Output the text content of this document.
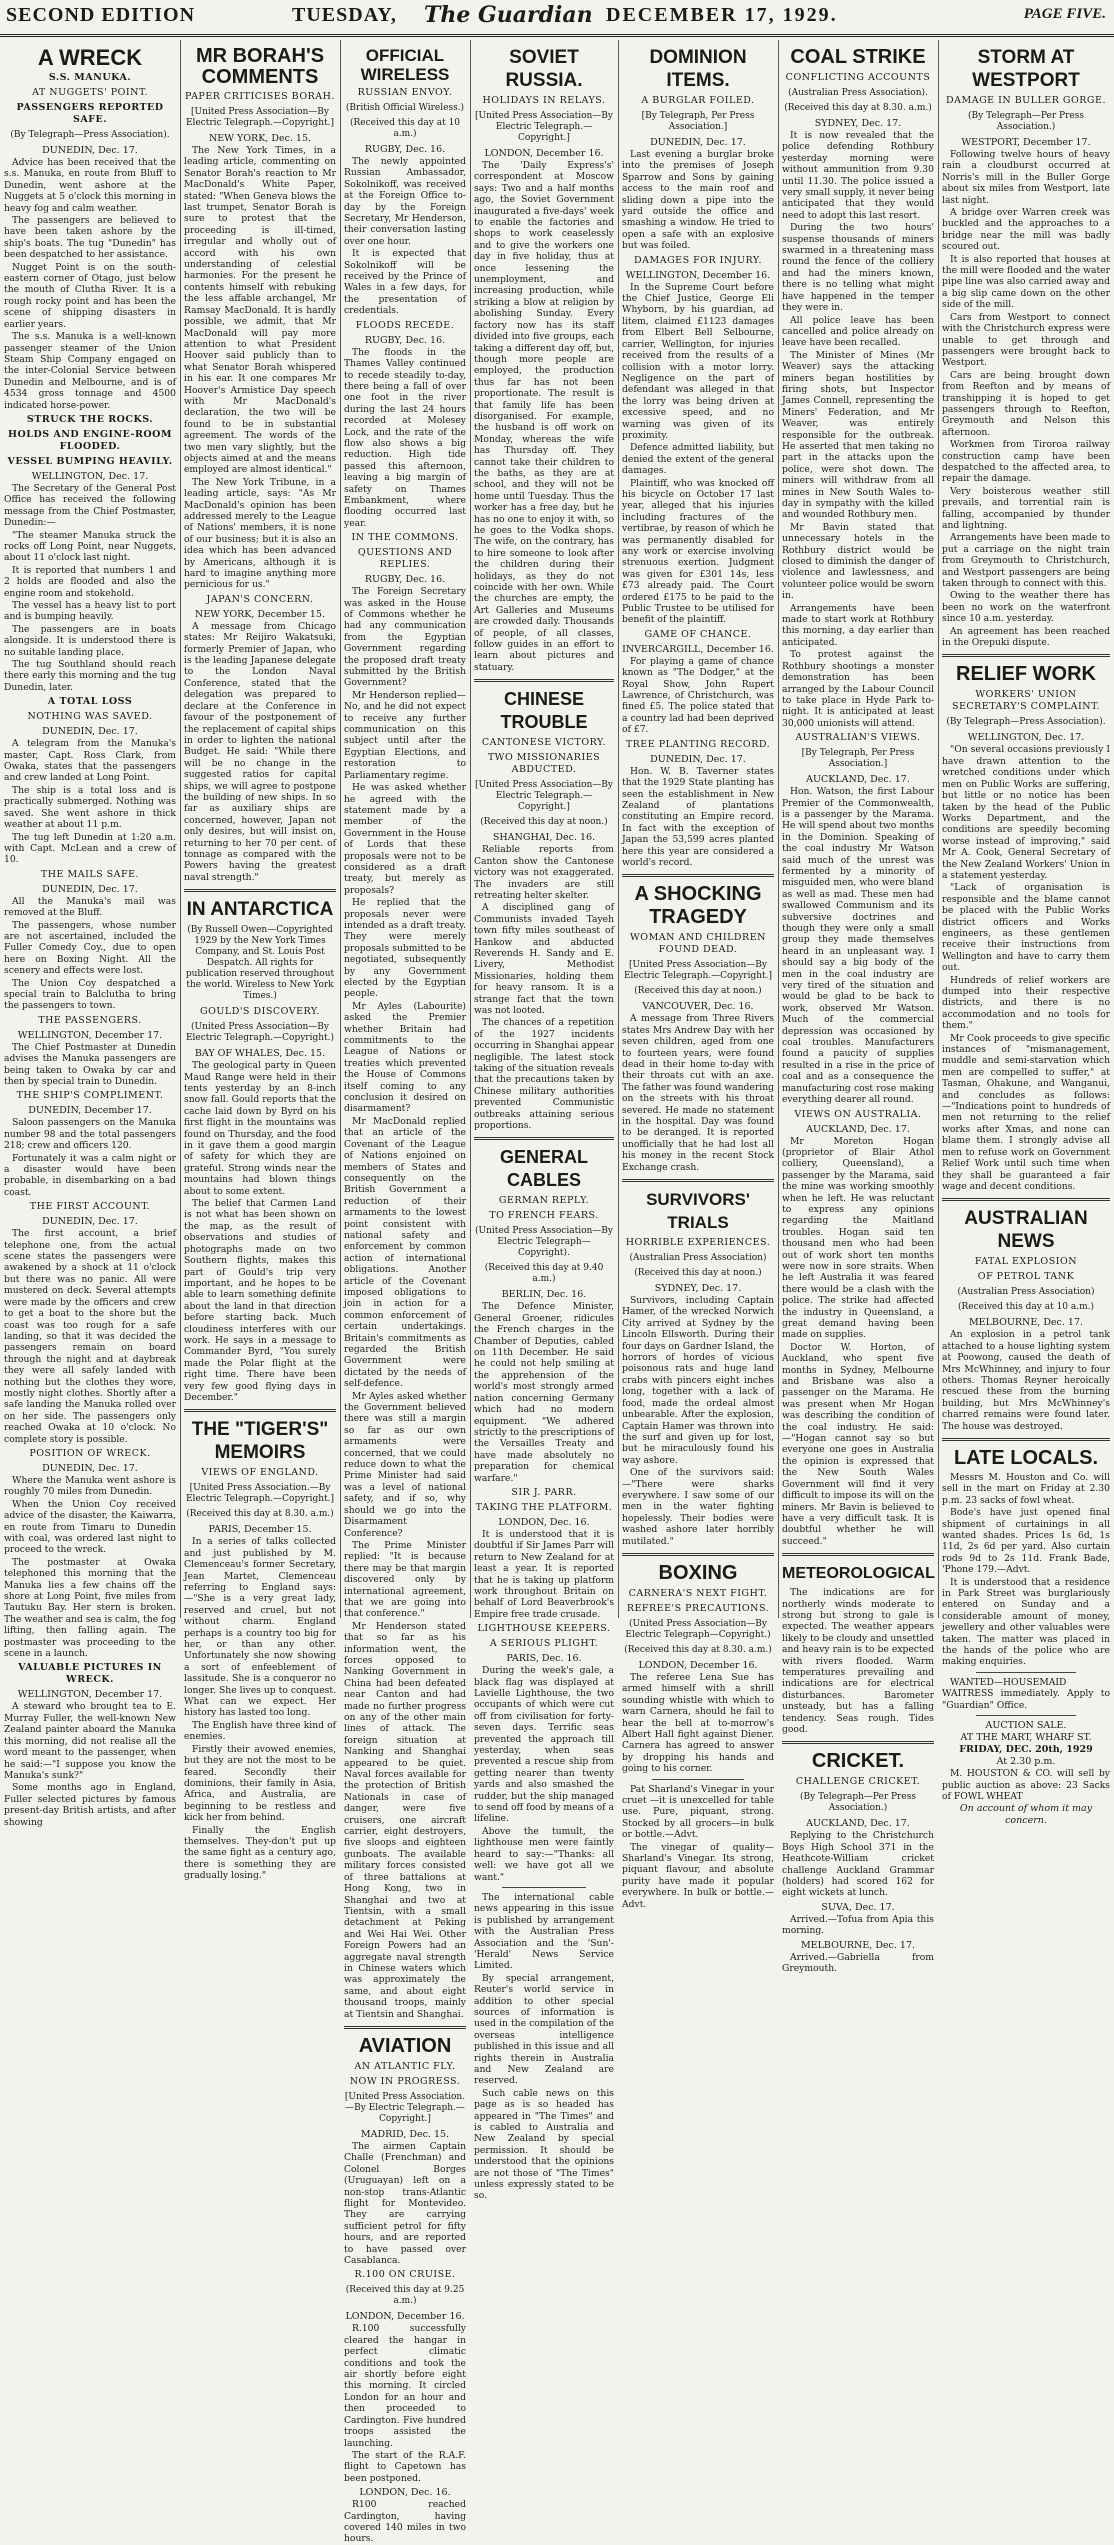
SECOND EDITION	TUESDAY, The Guardian DECEMBER 17, 1929.	PAGE FIVE.
A WRECK
S.S. MANUKA.
AT NUGGETS' POINT.
PASSENGERS REPORTED SAFE.
(By Telegraph—Press Association).
DUNEDIN, Dec. 17.

Advice has been received that the s.s. Manuka, en route from Bluff to Dunedin, went ashore at the Nuggets at 5 o'clock this morning in heavy fog and calm weather.

The passengers are believed to have been taken ashore by the ship's boats. The tug "Dunedin" has been despatched to her assistance.

Nugget Point is on the south-eastern corner of Otago, just below the mouth of Clutha River. It is a rough rocky point and has been the scene of shipping disasters in earlier years.

The s.s. Manuka is a well-known passenger steamer of the Union Steam Ship Company engaged on the inter-Colonial Service between Dunedin and Melbourne, and is of 4534 gross tonnage and 4500 indicated horse-power.

STRUCK THE ROCKS.
HOLDS AND ENGINE-ROOM FLOODED.
VESSEL BUMPING HEAVILY.
WELLINGTON, Dec. 17.

The Secretary of the General Post Office has received the following message from the Chief Postmaster, Dunedin:—

"The steamer Manuka struck the rocks off Long Point, near Nuggets, about 11 o'clock last night.

It is reported that numbers 1 and 2 holds are flooded and also the engine room and stokehold.

The vessel has a heavy list to port and is bumping heavily.

The passengers are in boats alongside. It is understood there is no suitable landing place.

The tug Southland should reach there early this morning and the tug Dunedin, later.

A TOTAL LOSS
NOTHING WAS SAVED.
DUNEDIN, Dec. 17.

A telegram from the Manuka's master, Capt. Ross Clark, from Owaka, states that the passengers and crew landed at Long Point.

The ship is a total loss and is practically submerged. Nothing was saved. She went ashore in thick weather at about 11 p.m.

The tug left Dunedin at 1:20 a.m. with Capt. McLean and a crew of 10.

THE MAILS SAFE.
DUNEDIN, Dec. 17.

All the Manuka's mail was removed at the Bluff.

The passengers, whose number are not ascertained, included the Fuller Comedy Coy., due to open here on Boxing Night. All the scenery and effects were lost.

The Union Coy despatched a special train to Balclutha to bring the passengers to town.

THE PASSENGERS.
WELLINGTON, December 17.

The Chief Postmaster at Dunedin advises the Manuka passengers are being taken to Owaka by car and then by special train to Dunedin.

THE SHIP'S COMPLIMENT.
DUNEDIN, December 17.

Saloon passengers on the Manuka number 98 and the total passengers 218; crew and officers 120.

Fortunately it was a calm night or a disaster would have been probable, in disembarking on a bad coast.

THE FIRST ACCOUNT.
DUNEDIN, Dec. 17.

The first account, a brief telephone one, from the actual scene states the passengers were awakened by a shock at 11 o'clock but there was no panic. All were mustered on deck. Several attempts were made by the officers and crew to get a boat to the shore but the coast was too rough for a safe landing, so that it was decided the passengers remain on board through the night and at daybreak they were all safely landed with nothing but the clothes they wore, mostly night clothes. Shortly after a safe landing the Manuka rolled over on her side. The passengers only reached Owaka at 10 o'clock. No complete story is possible.

POSITION OF WRECK.
DUNEDIN, Dec. 17.

Where the Manuka went ashore is roughly 70 miles from Dunedin.

When the Union Coy received advice of the disaster, the Kaiwarra, en route from Timaru to Dunedin with coal, was ordered last night to proceed to the wreck.

The postmaster at Owaka telephoned this morning that the Manuka lies a few chains off the shore at Long Point, five miles from Tautuku Bay. Her stern is broken. The weather and sea is calm, the fog lifting, then falling again. The postmaster was proceeding to the scene in a launch.

VALUABLE PICTURES IN WRECK.
WELLINGTON, December 17.

A steward who brought tea to E. Murray Fuller, the well-known New Zealand painter aboard the Manuka this morning, did not realise all the word meant to the passenger, when he said:—"I suppose you know the Manuka's sunk?"

Some months ago in England, Fuller selected pictures by famous present-day British artists, and after showing

MR BORAH'S COMMENTS
PAPER CRITICISES BORAH.
[United Press Association—By Electric Telegraph.—Copyright.]
NEW YORK, Dec. 15.

The New York Times, in a leading article, commenting on Senator Borah's reaction to Mr MacDonald's White Paper, stated: "When Geneva blows the last trumpet, Senator Borah is sure to protest that the proceeding is ill-timed, irregular and wholly out of accord with his own understanding of celestial harmonies. For the present he contents himself with rebuking the less affable archangel, Mr Ramsay MacDonald. It is hardly possible, we admit, that Mr MacDonald will pay more attention to what President Hoover said publicly than to what Senator Borah whispered in his ear. It one compares Mr Hoover's Armistice Day speech with Mr MacDonald's declaration, the two will be found to be in substantial agreement. The words of the two men vary slightly, but the objects aimed at and the means employed are almost identical."

The New York Tribune, in a leading article, says: "As Mr MacDonald's opinion has been addressed merely to the League of Nations' members, it is none of our business; but it is also an idea which has been advanced by Americans, although it is hard to imagine anything more pernicious for us."

JAPAN'S CONCERN.
NEW YORK, December 15.

A message from Chicago states: Mr Reijiro Wakatsuki, formerly Premier of Japan, who is the leading Japanese delegate to the London Naval Conference, stated that the delegation was prepared to declare at the Conference in favour of the postponement of the replacement of capital ships in order to lighten the national Budget. He said: "While there will be no change in the suggested ratios for capital ships, we will agree to postpone the building of new ships. In so far as auxiliary ships are concerned, however, Japan not only desires, but will insist on, returning to her 70 per cent. of tonnage as compared with the Powers having the greatest naval strength."

IN ANTARCTICA
(By Russell Owen—Copyrighted 1929 by the New York Times Company, and St. Louis Post Despatch. All rights for publication reserved throughout the world. Wireless to New York Times.)
GOULD'S DISCOVERY.
(United Press Association—By Electric Telegraph.—Copyright.)
BAY OF WHALES, Dec. 15.

The geological party in Queen Maud Range were held in their tents yesterday by an 8-inch snow fall. Gould reports that the cache laid down by Byrd on his first flight in the mountains was found on Thursday, and the food in it gave them a good margin of safety for which they are grateful. Strong winds near the mountains had blown things about to some extent.

The belief that Carmen Land is not what has been shown on the map, as the result of observations and studies of photographs made on two Southern flights, makes this part of Gould's trip very important, and he hopes to be able to learn something definite about the land in that direction before starting back. Much cloudiness interferes with our work. He says in a message to Commander Byrd, "You surely made the Polar flight at the right time. There have been very few good flying days in December."

THE "TIGER'S" MEMOIRS
VIEWS OF ENGLAND.
[United Press Association.—By Electric Telegraph.—Copyright.]
(Received this day at 8.30. a.m.)
PARIS, December 15.

In a series of talks collected and just published by M. Clemenceau's former Secretary, Jean Martet, Clemenceau referring to England says:—"She is a very great lady, reserved and cruel, but not without charm. England perhaps is a country too big for her, or than any other. Unfortunately she now showing a sort of enfeeblement of lassitude. She is a conqueror no longer. She lives up to conquest. What can we expect. Her history has lasted too long.

The English have three kind of enemies.

Firstly their avowed enemies, but they are not the most to be feared. Secondly their dominions, their family in Asia, Africa, and Australia, are beginning to be restless and kick her from behind.

Finally the English themselves. They-don't put up the same fight as a century ago, there is something they are gradually losing."

OFFICIAL WIRELESS
RUSSIAN ENVOY.
(British Official Wireless.)
(Received this day at 10 a.m.)
RUGBY, Dec. 16.

The newly appointed Russian Ambassador, Sokolnikoff, was received at the Foreign Office to-day by the Foreign Secretary, Mr Henderson, their conversation lasting over one hour.

It is expected that Sokolnikoff will be received by the Prince of Wales in a few days, for the presentation of credentials.

FLOODS RECEDE.
RUGBY, Dec. 16.

The floods in the Thames Valley continued to recede steadily to-day, there being a fall of over one foot in the river during the last 24 hours recorded at Molesey Lock, and the rate of the flow also shows a big reduction. High tide passed this afternoon, leaving a big margin of safety on Thames Embankment, where flooding occurred last year.

IN THE COMMONS.
QUESTIONS AND REPLIES.
RUGBY, Dec. 16.

The Foreign Secretary was asked in the House of Commons whether he had any communication from the Egyptian Government regarding the proposed draft treaty submitted by the British Government?

Mr Henderson replied—No, and he did not expect to receive any further communication on this subject until after the Egyptian Elections, and restoration to Parliamentary regime.

He was asked whether he agreed with the statement made by a member of the Government in the House of Lords that these proposals were not to be considered as a draft treaty, but merely as proposals?

He replied that the proposals never were intended as a draft treaty. They were merely proposals submitted to be negotiated, subsequently by any Government elected by the Egyptian people.

Mr Ayles (Labourite) asked the Premier whether Britain had commitments to the League of Nations or treaties which prevented the House of Commons itself coming to any conclusion it desired on disarmament?

Mr MacDonald replied that an article of the Covenant of the League of Nations enjoined on members of States and consequently on the British Government a reduction of their armaments to the lowest point consistent with national safety and enforcement by common action of international obligations. Another article of the Covenant imposed obligations to join in action for a common enforcement of certain undertakings. Britain's commitments as regarded the British Government were dictated by the needs of self-defence.

Mr Ayles asked whether the Government believed there was still a margin so far as our own armaments were concerned, that we could reduce down to what the Prime Minister had said was a level of national safety, and if so, why should we go into the Disarmament Conference?

The Prime Minister replied: "It is because there may be that margin discovered only by international agreement, that we are going into that conference."

Mr Henderson stated that so far as his information went, the forces opposed to Nanking Government in China had been defeated near Canton and had made no further progress on any of the other main lines of attack. The foreign situation at Nanking and Shanghai appeared to be quiet. Naval forces available for the protection of British Nationals in case of danger, were five cruisers, one aircraft carrier, eight destroyers, five sloops and eighteen gunboats. The available military forces consisted of three battalions at Hong Kong, two in Shanghai and two at Tientsin, with a small detachment at Peking and Wei Hai Wei. Other Foreign Powers had an aggregate naval strength in Chinese waters which was approximately the same, and about eight thousand troops, mainly at Tientsin and Shanghai.

AVIATION
AN ATLANTIC FLY.
NOW IN PROGRESS.
[United Press Association.—By Electric Telegraph.—Copyright.]
MADRID, Dec. 15.

The airmen Captain Challe (Frenchman) and Colonel Borges (Uruguayan) left on a non-stop trans-Atlantic flight for Montevideo. They are carrying sufficient petrol for fifty hours, and are reported to have passed over Casablanca.

R.100 ON CRUISE.
(Received this day at 9.25 a.m.)
LONDON, December 16.

R.100 successfully cleared the hangar in perfect climatic conditions and took the air shortly before eight this morning. It circled London for an hour and then proceeded to Cardington. Five hundred troops assisted the launching.

The start of the R.A.F. flight to Capetown has been postponed.

LONDON, Dec. 16.

R100 reached Cardington, having covered 140 miles in two hours.

SOVIET RUSSIA.
HOLIDAYS IN RELAYS.
[United Press Association—By Electric Telegraph.—Copyright.]
LONDON, December 16.

The 'Daily Express's' correspondent at Moscow says: Two and a half months ago, the Soviet Government inaugurated a five-days' week to enable the factories and shops to work ceaselessly and to give the workers one day in five holiday, thus at once lessening the unemployment, and increasing production, while striking a blow at religion by abolishing Sunday. Every factory now has its staff divided into five groups, each taking a different day off, but, though more people are employed, the production thus far has not been proportionate. The result is that family life has been disorganised. For example, the husband is off work on Monday, whereas the wife has Thursday off. They cannot take their children to the baths, as they are at school, and they will not be home until Tuesday. Thus the worker has a free day, but he has no one to enjoy it with, so he goes to the Vodka shops. The wife, on the contrary, has to hire someone to look after the children during their holidays, as they do not coincide with her own. While the churches are empty, the Art Galleries and Museums are crowded daily. Thousands of people, of all classes, follow guides in an effort to learn about pictures and statuary.

CHINESE TROUBLE
CANTONESE VICTORY.
TWO MISSIONARIES ABDUCTED.
[United Press Association—By Electric Telegraph.—Copyright.]
(Received this day at noon.)
SHANGHAI, Dec. 16.

Reliable reports from Canton show the Cantonese victory was not exaggerated. The invaders are still retreating helter skelter.

A disciplined gang of Communists invaded Tayeh town fifty miles southeast of Hankow and abducted Reverends H. Sandy and E. Livery, Methodist Missionaries, holding them for heavy ransom. It is a strange fact that the town was not looted.

The chances of a repetition of the 1927 incidents occurring in Shanghai appear negligible. The latest stock taking of the situation reveals that the precautions taken by Chinese military authorities prevented Communistic outbreaks attaining serious proportions.

GENERAL CABLES
GERMAN REPLY.
TO FRENCH FEARS.
(United Press Association—By Electric Telegraph—Copyright).
(Received this day at 9.40 a.m.)
BERLIN, Dec. 16.

The Defence Minister, General Groener, ridicules the French charges in the Chamber of Deputies, cabled on 11th December. He said he could not help smiling at the apprehension of the world's most strongly armed nation concerning Germany which had no modern equipment. "We adhered strictly to the prescriptions of the Versailles Treaty and have made absolutely no preparation for chemical warfare."

SIR J. PARR.
TAKING THE PLATFORM.
LONDON, Dec. 16.

It is understood that it is doubtful if Sir James Parr will return to New Zealand for at least a year. It is reported that he is taking up platform work throughout Britain on behalf of Lord Beaverbrook's Empire free trade crusade.

LIGHTHOUSE KEEPERS.
A SERIOUS PLIGHT.
PARIS, Dec. 16.

During the week's gale, a black flag was displayed at Lavielle Lighthouse, the two occupants of which were cut off from civilisation for forty-seven days. Terrific seas prevented the approach till yesterday, when seas prevented a rescue ship from getting nearer than twenty yards and also smashed the rudder, but the ship managed to send off food by means of a lifeline.

Above the tumult, the lighthouse men were faintly heard to say:—"Thanks: all well: we have got all we want."

The international cable news appearing in this issue is published by arrangement with the Australian Press Association and the 'Sun'-'Herald' News Service Limited.

By special arrangement, Reuter's world service in addition to other special sources of information is used in the compilation of the overseas intelligence published in this issue and all rights therein in Australia and New Zealand are reserved.

Such cable news on this page as is so headed has appeared in "The Times" and is cabled to Australia and New Zealand by special permission. It should be understood that the opinions are not those of "The Times" unless expressly stated to be so.

DOMINION ITEMS.
A BURGLAR FOILED.
[By Telegraph, Per Press Association.]
DUNEDIN, Dec. 17.

Last evening a burglar broke into the premises of Joseph Sparrow and Sons by gaining access to the main roof and sliding down a pipe into the yard outside the office and smashing a window. He tried to open a safe with an explosive but was foiled.

DAMAGES FOR INJURY.
WELLINGTON, December 16.

In the Supreme Court before the Chief Justice, George Eli Whyborn, by his guardian, ad litem, claimed £1123 damages from Elbert Bell Selbourne, carrier, Wellington, for injuries received from the results of a collision with a motor lorry. Negligence on the part of defendant was alleged in that the lorry was being driven at excessive speed, and no warning was given of its proximity.

Defence admitted liability, but denied the extent of the general damages.

Plaintiff, who was knocked off his bicycle on October 17 last year, alleged that his injuries including fractures of the vertibrae, by reason of which he was permanently disabled for any work or exercise involving strenuous exertion. Judgment was given for £301 14s, less £73 already paid. The Court ordered £175 to be paid to the Public Trustee to be utilised for benefit of the plaintiff.

GAME OF CHANCE.
INVERCARGILL, December 16.

For playing a game of chance known as "The Dodger," at the Royal Show, John Rupert Lawrence, of Christchurch, was fined £5. The police stated that a country lad had been deprived of £7.

TREE PLANTING RECORD.
DUNEDIN, Dec. 17.

Hon. W. B. Taverner states that the 1929 State planting has seen the establishment in New Zealand of plantations constituting an Empire record. In fact with the exception of Japan the 53,599 acres planted here this year are considered a world's record.

A SHOCKING TRAGEDY
WOMAN AND CHILDREN FOUND DEAD.
[United Press Association—By Electric Telegraph.—Copyright.]
(Received this day at noon.)
VANCOUVER, Dec. 16.

A message from Three Rivers states Mrs Andrew Day with her seven children, aged from one to fourteen years, were found dead in their home to-day with their throats cut with an axe. The father was found wandering on the streets with his throat severed. He made no statement in the hospital. Day was found to be deranged. It is reported unofficially that he had lost all his money in the recent Stock Exchange crash.

SURVIVORS' TRIALS
HORRIBLE EXPERIENCES.
(Australian Press Association)
(Received this day at noon.)
SYDNEY, Dec. 17.

Survivors, including Captain Hamer, of the wrecked Norwich City arrived at Sydney by the Lincoln Ellsworth. During their four days on Gardner Island, the horrors of hordes of vicious poisonous rats and huge land crabs with pincers eight inches long, together with a lack of food, made the ordeal almost unbearable. After the explosion, Captain Hamer was thrown into the surf and given up for lost, but he miraculously found his way ashore.

One of the survivors said:—"There were sharks everywhere. I saw some of our men in the water fighting hopelessly. Their bodies were washed ashore later horribly mutilated."

BOXING
CARNERA'S NEXT FIGHT.
REFREE'S PRECAUTIONS.
(United Press Association—By Electric Telegraph—Copyright.)
(Received this day at 8.30. a.m.)
LONDON, December 16.

The referee Lena Sue has armed himself with a shrill sounding whistle with which to warn Carnera, should he fail to hear the bell at to-morrow's Albert Hall fight against Diener. Carnera has agreed to answer by dropping his hands and going to his corner.

Pat Sharland's Vinegar in your cruet —it is unexcelled for table use. Pure, piquant, strong. Stocked by all grocers—in bulk or bottle.—Advt.

The vinegar of quality—Sharland's Vinegar. Its strong, piquant flavour, and absolute purity have made it popular everywhere. In bulk or bottle.—Advt.

COAL STRIKE
CONFLICTING ACCOUNTS
(Australian Press Association).
(Received this day at 8.30. a.m.)
SYDNEY, Dec. 17.

It is now revealed that the police defending Rothbury yesterday morning were without ammunition from 9.30 until 11.30. The police issued a very small supply, it never being anticipated that they would need to adopt this last resort.

During the two hours' suspense thousands of miners swarmed in a threatening mass round the fence of the colliery and had the miners known, there is no telling what might have happened in the temper they were in.

All police leave has been cancelled and police already on leave have been recalled.

The Minister of Mines (Mr Weaver) says the attacking miners began hostilities by firing shots, but Inspector James Connell, representing the Miners' Federation, and Mr Weaver, was entirely responsible for the outbreak. He asserted that men taking no part in the attacks upon the police, were shot down. The miners will withdraw from all mines in New South Wales to-day in sympathy with the killed and wounded Rothbury men.

Mr Bavin stated that unnecessary hotels in the Rothbury district would be closed to diminish the danger of violence and lawlessness, and volunteer police would be sworn in.

Arrangements have been made to start work at Rothbury this morning, a day earlier than anticipated.

To protest against the Rothbury shootings a monster demonstration has been arranged by the Labour Council to take place in Hyde Park to-night. It is anticipated at least 30,000 unionists will attend.

AUSTRALIAN'S VIEWS.
[By Telegraph, Per Press Association.]
AUCKLAND, Dec. 17.

Hon. Watson, the first Labour Premier of the Commonwealth, is a passenger by the Marama. He will spend about two months in the Dominion. Speaking of the coal industry Mr Watson said much of the unrest was fermented by a minority of misguided men, who were bland as well as mad. These men had swallowed Communism and its subversive doctrines and though they were only a small group they made themselves heard in an unpleasant way. I should say a big body of the men in the coal industry are very tired of the situation and would be glad to be back to work, observed Mr Watson. Much of the commercial depression was occasioned by coal troubles. Manufacturers found a paucity of supplies resulted in a rise in the price of coal and as a consequence the manufacturing cost rose making everything dearer all round.

VIEWS ON AUSTRALIA.
AUCKLAND, Dec. 17.

Mr Moreton Hogan (proprietor of Blair Athol colliery, Queensland), a passenger by the Marama, said the mine was working smoothly when he left. He was reluctant to express any opinions regarding the Maitland troubles. Hogan said ten thousand men who had been out of work short ten months were now in sore straits. When he left Australia it was feared there would be a clash with the police. The strike had affected the industry in Queensland, a great demand having been made on supplies.

Doctor W. Horton, of Auckland, who spent five months in Sydney, Melbourne and Brisbane was also a passenger on the Marama. He was present when Mr Hogan was describing the condition of the coal industry. He said:—"Hogan cannot say so but everyone one goes in Australia the opinion is expressed that the New South Wales Government will find it very difficult to impose its will on the miners. Mr Bavin is believed to have a very difficult task. It is doubtful whether he will succeed."

METEOROLOGICAL

The indications are for northerly winds moderate to strong but strong to gale is expected. The weather appears likely to be cloudy and unsettled and heavy rain is to be expected with rivers flooded. Warm temperatures prevailing and indications are for electrical disturbances. Barometer unsteady, but has a falling tendency. Seas rough. Tides good.

CRICKET.
CHALLENGE CRICKET.
(By Telegraph—Per Press Association.)
AUCKLAND, Dec. 17.

Replying to the Christchurch Boys High School 371 in the Heathcote-William cricket challenge Auckland Grammar (holders) had scored 162 for eight wickets at lunch.

SUVA, Dec. 17.

Arrived.—Tofua from Apia this morning.

MELBOURNE, Dec. 17.

Arrived.—Gabriella from Greymouth.

STORM AT WESTPORT
DAMAGE IN BULLER GORGE.
(By Telegraph—Per Press Association.)
WESTPORT, December 17.

Following twelve hours of heavy rain a cloudburst occurred at Norris's mill in the Buller Gorge about six miles from Westport, late last night.

A bridge over Warren creek was buckled and the approaches to a bridge near the mill was badly scoured out.

It is also reported that houses at the mill were flooded and the water pipe line was also carried away and a big slip came down on the other side of the mill.

Cars from Westport to connect with the Christchurch express were unable to get through and passengers were brought back to Westport.

Cars are being brought down from Reefton and by means of transhipping it is hoped to get passengers through to Reefton, Greymouth and Nelson this afternoon.

Workmen from Tiroroa railway construction camp have been despatched to the affected area, to repair the damage.

Very boisterous weather still prevails, and torrential rain is falling, accompanied by thunder and lightning.

Arrangements have been made to put a carriage on the night train from Greymouth to Christchurch, and Westport passengers are being taken through to connect with this.

Owing to the weather there has been no work on the waterfront since 10 a.m. yesterday.

An agreement has been reached in the Orepuki dispute.

RELIEF WORK
WORKERS' UNION SECRETARY'S COMPLAINT.
(By Telegraph—Press Association).
WELLINGTON, Dec. 17.

"On several occasions previously I have drawn attention to the wretched conditions under which men on Public Works are suffering, but little or no notice has been taken by the head of the Public Works Department, and the conditions are speedily becoming worse instead of improving," said Mr A. Cook, General Secretary of the New Zealand Workers' Union in a statement yesterday.

"Lack of organisation is responsible and the blame cannot be placed with the Public Works district officers and Works engineers, as these gentlemen receive their instructions from Wellington and have to carry them out.

Hundreds of relief workers are dumped into their respective districts, and there is no accommodation and no tools for them."

Mr Cook proceeds to give specific instances of "mismanagement, muddle and semi-starvation which men are compelled to suffer," at Tasman, Ohakune, and Wanganui, and concludes as follows:—"Indications point to hundreds of men not returning to the relief works after Xmas, and none can blame them. I strongly advise all men to refuse work on Government Relief Work until such time when they shall be guaranteed a fair wage and decent conditions.

AUSTRALIAN NEWS
FATAL EXPLOSION
OF PETROL TANK
(Australian Press Association)
(Received this day at 10 a.m.)
MELBOURNE, Dec. 17.

An explosion in a petrol tank attached to a house lighting system at Poowong, caused the death of Mrs McWhinney, and injury to four others. Thomas Reyner heroically rescued these from the burning building, but Mrs McWhinney's charred remains were found later. The house was destroyed.

LATE LOCALS.

Messrs M. Houston and Co. will sell in the mart on Friday at 2.30 p.m. 23 sacks of fowl wheat.

Bode's have just opened final shipment of curtainings in all wanted shades. Prices 1s 6d, 1s 11d, 2s 6d per yard. Also curtain rods 9d to 2s 11d. Frank Bade, 'Phone 179.—Advt.

It is understood that a residence in Park Street was burglariously entered on Sunday and a considerable amount of money, jewellery and other valuables were taken. The matter was placed in the hands of the police who are making enquiries.

WANTED—HOUSEMAID WAITRESS immediately. Apply to "Guardian" Office.

AUCTION SALE.
AT THE MART, WHARF ST.
FRIDAY, DEC. 20th, 1929
At 2.30 p.m.

M. HOUSTON & CO. will sell by public auction as above: 23 Sacks of FOWL WHEAT

On account of whom it may concern.
